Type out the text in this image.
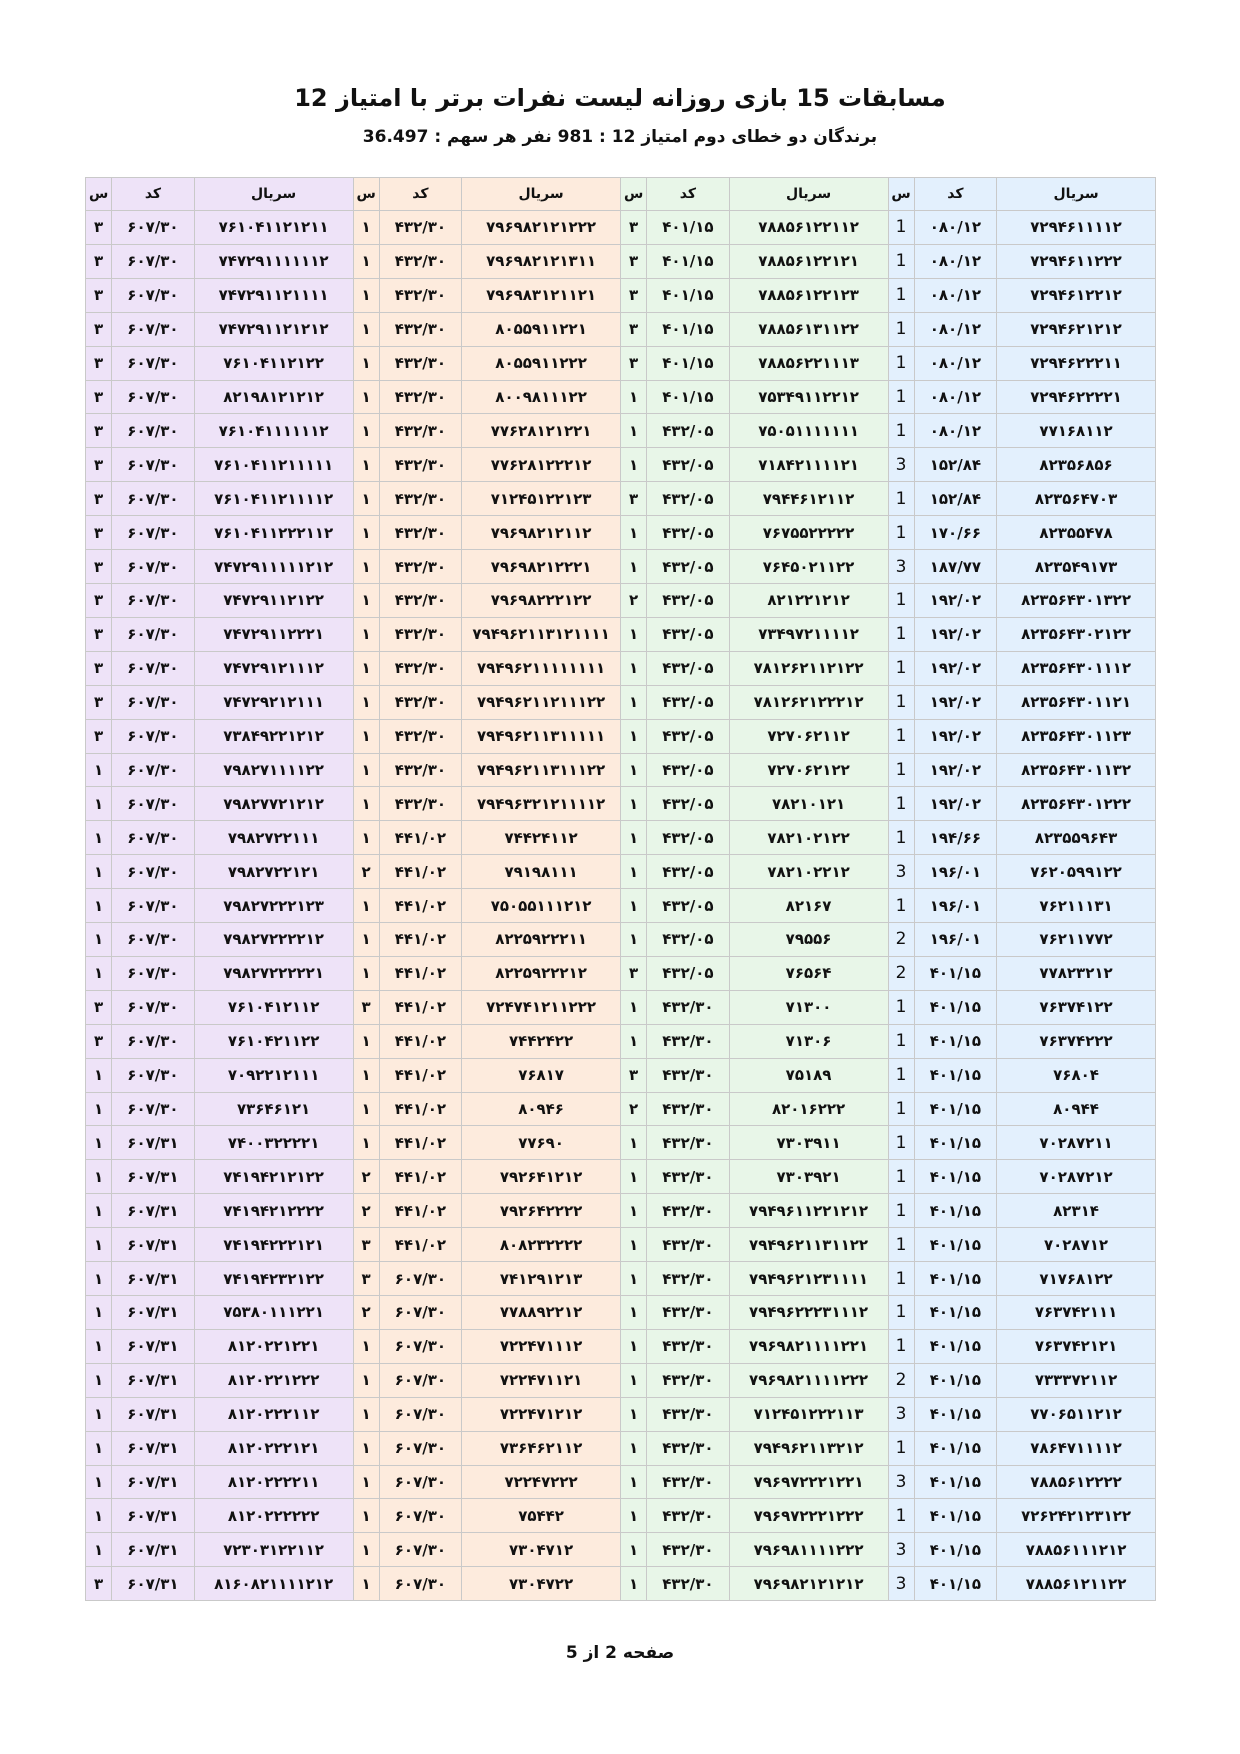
مسابقات 15 بازی روزانه لیست نفرات برتر با امتیاز 12
برندگان دو خطای دوم امتیاز 12 : 981 نفر هر سهم : 36.497
سریال	کد	س	سریال	کد	س	سریال	کد	س	سریال	کد	س
۷۲۹۴۶۱۱۱۱۲	۰۸۰/۱۲	1	۷۸۸۵۶۱۲۲۱۱۲	۴۰۱/۱۵	۳	۷۹۶۹۸۲۱۲۱۲۲۲	۴۳۲/۳۰	۱	۷۶۱۰۴۱۱۲۱۲۱۱	۶۰۷/۳۰	۳
۷۲۹۴۶۱۱۲۲۲	۰۸۰/۱۲	1	۷۸۸۵۶۱۲۲۱۲۱	۴۰۱/۱۵	۳	۷۹۶۹۸۲۱۲۱۳۱۱	۴۳۲/۳۰	۱	۷۴۷۲۹۱۱۱۱۱۱۲	۶۰۷/۳۰	۳
۷۲۹۴۶۱۲۲۱۲	۰۸۰/۱۲	1	۷۸۸۵۶۱۲۲۱۲۳	۴۰۱/۱۵	۳	۷۹۶۹۸۳۱۲۱۱۲۱	۴۳۲/۳۰	۱	۷۴۷۲۹۱۱۲۱۱۱۱	۶۰۷/۳۰	۳
۷۲۹۴۶۲۱۲۱۲	۰۸۰/۱۲	1	۷۸۸۵۶۱۳۱۱۲۲	۴۰۱/۱۵	۳	۸۰۵۵۹۱۱۲۲۱	۴۳۲/۳۰	۱	۷۴۷۲۹۱۱۲۱۲۱۲	۶۰۷/۳۰	۳
۷۲۹۴۶۲۲۲۱۱	۰۸۰/۱۲	1	۷۸۸۵۶۲۲۱۱۱۳	۴۰۱/۱۵	۳	۸۰۵۵۹۱۱۲۲۲	۴۳۲/۳۰	۱	۷۶۱۰۴۱۱۲۱۲۲	۶۰۷/۳۰	۳
۷۲۹۴۶۲۲۲۲۱	۰۸۰/۱۲	1	۷۵۳۴۹۱۱۲۲۱۲	۴۰۱/۱۵	۱	۸۰۰۹۸۱۱۱۲۲	۴۳۲/۳۰	۱	۸۲۱۹۸۱۲۱۲۱۲	۶۰۷/۳۰	۳
۷۷۱۶۸۱۱۲	۰۸۰/۱۲	1	۷۵۰۵۱۱۱۱۱۱۱	۴۳۲/۰۵	۱	۷۷۶۲۸۱۲۱۲۲۱	۴۳۲/۳۰	۱	۷۶۱۰۴۱۱۱۱۱۱۲	۶۰۷/۳۰	۳
۸۲۳۵۶۸۵۶	۱۵۲/۸۴	3	۷۱۸۴۲۱۱۱۱۲۱	۴۳۲/۰۵	۱	۷۷۶۲۸۱۲۲۲۱۲	۴۳۲/۳۰	۱	۷۶۱۰۴۱۱۲۱۱۱۱۱	۶۰۷/۳۰	۳
۸۲۳۵۶۴۷۰۳	۱۵۲/۸۴	1	۷۹۴۴۶۱۲۱۱۲	۴۳۲/۰۵	۳	۷۱۲۴۵۱۲۲۱۲۳	۴۳۲/۳۰	۱	۷۶۱۰۴۱۱۲۱۱۱۱۲	۶۰۷/۳۰	۳
۸۲۳۵۵۴۷۸	۱۷۰/۶۶	1	۷۶۷۵۵۲۲۲۲۲	۴۳۲/۰۵	۱	۷۹۶۹۸۲۱۲۱۱۲	۴۳۲/۳۰	۱	۷۶۱۰۴۱۱۲۲۲۱۱۲	۶۰۷/۳۰	۳
۸۲۳۵۴۹۱۷۳	۱۸۷/۷۷	3	۷۶۴۵۰۲۱۱۲۲	۴۳۲/۰۵	۱	۷۹۶۹۸۲۱۲۲۲۱	۴۳۲/۳۰	۱	۷۴۷۲۹۱۱۱۱۱۲۱۲	۶۰۷/۳۰	۳
۸۲۳۵۶۴۳۰۱۳۲۲	۱۹۲/۰۲	1	۸۲۱۲۲۱۲۱۲	۴۳۲/۰۵	۲	۷۹۶۹۸۲۲۲۱۲۲	۴۳۲/۳۰	۱	۷۴۷۲۹۱۱۲۱۲۲	۶۰۷/۳۰	۳
۸۲۳۵۶۴۳۰۲۱۲۲	۱۹۲/۰۲	1	۷۳۴۹۷۲۱۱۱۱۲	۴۳۲/۰۵	۱	۷۹۴۹۶۲۱۱۳۱۲۱۱۱۱	۴۳۲/۳۰	۱	۷۴۷۲۹۱۱۲۲۲۱	۶۰۷/۳۰	۳
۸۲۳۵۶۴۳۰۱۱۱۲	۱۹۲/۰۲	1	۷۸۱۲۶۲۱۱۲۱۲۲	۴۳۲/۰۵	۱	۷۹۴۹۶۲۱۱۱۱۱۱۱۱	۴۳۲/۳۰	۱	۷۴۷۲۹۱۲۱۱۱۲	۶۰۷/۳۰	۳
۸۲۳۵۶۴۳۰۱۱۲۱	۱۹۲/۰۲	1	۷۸۱۲۶۲۱۲۲۲۱۲	۴۳۲/۰۵	۱	۷۹۴۹۶۲۱۱۲۱۱۱۲۲	۴۳۲/۳۰	۱	۷۴۷۲۹۲۱۲۱۱۱	۶۰۷/۳۰	۳
۸۲۳۵۶۴۳۰۱۱۲۳	۱۹۲/۰۲	1	۷۲۷۰۶۲۱۱۲	۴۳۲/۰۵	۱	۷۹۴۹۶۲۱۱۳۱۱۱۱۱	۴۳۲/۳۰	۱	۷۳۸۴۹۲۲۱۲۱۲	۶۰۷/۳۰	۳
۸۲۳۵۶۴۳۰۱۱۳۲	۱۹۲/۰۲	1	۷۲۷۰۶۲۱۲۲	۴۳۲/۰۵	۱	۷۹۴۹۶۲۱۱۳۱۱۱۲۲	۴۳۲/۳۰	۱	۷۹۸۲۷۱۱۱۱۲۲	۶۰۷/۳۰	۱
۸۲۳۵۶۴۳۰۱۲۲۲	۱۹۲/۰۲	1	۷۸۲۱۰۱۲۱	۴۳۲/۰۵	۱	۷۹۴۹۶۳۲۱۲۱۱۱۱۲	۴۳۲/۳۰	۱	۷۹۸۲۷۷۲۱۲۱۲	۶۰۷/۳۰	۱
۸۲۳۵۵۹۶۴۳	۱۹۴/۶۶	1	۷۸۲۱۰۲۱۲۲	۴۳۲/۰۵	۱	۷۴۴۲۴۱۱۲	۴۴۱/۰۲	۱	۷۹۸۲۷۲۲۱۱۱	۶۰۷/۳۰	۱
۷۶۲۰۵۹۹۱۲۲	۱۹۶/۰۱	3	۷۸۲۱۰۲۲۱۲	۴۳۲/۰۵	۱	۷۹۱۹۸۱۱۱	۴۴۱/۰۲	۲	۷۹۸۲۷۲۲۱۲۱	۶۰۷/۳۰	۱
۷۶۲۱۱۱۳۱	۱۹۶/۰۱	1	۸۲۱۶۷	۴۳۲/۰۵	۱	۷۵۰۵۵۱۱۱۲۱۲	۴۴۱/۰۲	۱	۷۹۸۲۷۲۲۲۱۲۳	۶۰۷/۳۰	۱
۷۶۲۱۱۷۷۲	۱۹۶/۰۱	2	۷۹۵۵۶	۴۳۲/۰۵	۱	۸۲۲۵۹۲۲۲۱۱	۴۴۱/۰۲	۱	۷۹۸۲۷۲۲۲۲۱۲	۶۰۷/۳۰	۱
۷۷۸۲۳۲۱۲	۴۰۱/۱۵	2	۷۶۵۶۴	۴۳۲/۰۵	۳	۸۲۲۵۹۲۲۲۱۲	۴۴۱/۰۲	۱	۷۹۸۲۷۲۲۲۲۲۱	۶۰۷/۳۰	۱
۷۶۳۷۴۱۲۲	۴۰۱/۱۵	1	۷۱۳۰۰	۴۳۲/۳۰	۱	۷۲۴۷۴۱۲۱۱۲۲۲	۴۴۱/۰۲	۳	۷۶۱۰۴۱۲۱۱۲	۶۰۷/۳۰	۳
۷۶۳۷۴۲۲۲	۴۰۱/۱۵	1	۷۱۳۰۶	۴۳۲/۳۰	۱	۷۴۴۲۴۲۲	۴۴۱/۰۲	۱	۷۶۱۰۴۲۱۱۲۲	۶۰۷/۳۰	۳
۷۶۸۰۴	۴۰۱/۱۵	1	۷۵۱۸۹	۴۳۲/۳۰	۳	۷۶۸۱۷	۴۴۱/۰۲	۱	۷۰۹۲۲۱۲۱۱۱	۶۰۷/۳۰	۱
۸۰۹۴۴	۴۰۱/۱۵	1	۸۲۰۱۶۲۲۲	۴۳۲/۳۰	۲	۸۰۹۴۶	۴۴۱/۰۲	۱	۷۳۶۴۶۱۲۱	۶۰۷/۳۰	۱
۷۰۲۸۷۲۱۱	۴۰۱/۱۵	1	۷۳۰۳۹۱۱	۴۳۲/۳۰	۱	۷۷۶۹۰	۴۴۱/۰۲	۱	۷۴۰۰۳۲۲۲۲۱	۶۰۷/۳۱	۱
۷۰۲۸۷۲۱۲	۴۰۱/۱۵	1	۷۳۰۳۹۲۱	۴۳۲/۳۰	۱	۷۹۲۶۴۱۲۱۲	۴۴۱/۰۲	۲	۷۴۱۹۴۲۱۲۱۲۲	۶۰۷/۳۱	۱
۸۲۳۱۴	۴۰۱/۱۵	1	۷۹۴۹۶۱۱۲۲۱۲۱۲	۴۳۲/۳۰	۱	۷۹۲۶۴۲۲۲۲	۴۴۱/۰۲	۲	۷۴۱۹۴۲۱۲۲۲۲	۶۰۷/۳۱	۱
۷۰۲۸۷۱۲	۴۰۱/۱۵	1	۷۹۴۹۶۲۱۱۳۱۱۲۲	۴۳۲/۳۰	۱	۸۰۸۲۳۲۲۲۲	۴۴۱/۰۲	۳	۷۴۱۹۴۲۲۲۱۲۱	۶۰۷/۳۱	۱
۷۱۷۶۸۱۲۲	۴۰۱/۱۵	1	۷۹۴۹۶۲۱۲۳۱۱۱۱	۴۳۲/۳۰	۱	۷۴۱۲۹۱۲۱۳	۶۰۷/۳۰	۳	۷۴۱۹۴۲۳۲۱۲۲	۶۰۷/۳۱	۱
۷۶۳۷۴۲۱۱۱	۴۰۱/۱۵	1	۷۹۴۹۶۲۲۲۳۱۱۱۲	۴۳۲/۳۰	۱	۷۷۸۸۹۲۲۱۲	۶۰۷/۳۰	۲	۷۵۳۸۰۱۱۱۲۲۱	۶۰۷/۳۱	۱
۷۶۳۷۴۲۱۲۱	۴۰۱/۱۵	1	۷۹۶۹۸۲۱۱۱۱۲۲۱	۴۳۲/۳۰	۱	۷۲۲۴۷۱۱۱۲	۶۰۷/۳۰	۱	۸۱۲۰۲۲۱۲۲۱	۶۰۷/۳۱	۱
۷۳۳۳۷۲۱۱۲	۴۰۱/۱۵	2	۷۹۶۹۸۲۱۱۱۱۲۲۲	۴۳۲/۳۰	۱	۷۲۲۴۷۱۱۲۱	۶۰۷/۳۰	۱	۸۱۲۰۲۲۱۲۲۲	۶۰۷/۳۱	۱
۷۷۰۶۵۱۱۲۱۲	۴۰۱/۱۵	3	۷۱۲۴۵۱۲۲۲۱۱۳	۴۳۲/۳۰	۱	۷۲۲۴۷۱۲۱۲	۶۰۷/۳۰	۱	۸۱۲۰۲۲۲۱۱۲	۶۰۷/۳۱	۱
۷۸۶۴۷۱۱۱۱۲	۴۰۱/۱۵	1	۷۹۴۹۶۲۱۱۳۲۱۲	۴۳۲/۳۰	۱	۷۳۶۴۶۲۱۱۲	۶۰۷/۳۰	۱	۸۱۲۰۲۲۲۱۲۱	۶۰۷/۳۱	۱
۷۸۸۵۶۱۲۲۲۲	۴۰۱/۱۵	3	۷۹۶۹۷۲۲۲۱۲۲۱	۴۳۲/۳۰	۱	۷۲۲۴۷۲۲۲	۶۰۷/۳۰	۱	۸۱۲۰۲۲۲۲۱۱	۶۰۷/۳۱	۱
۷۲۶۲۴۲۱۲۳۱۲۲	۴۰۱/۱۵	1	۷۹۶۹۷۲۲۲۱۲۲۲	۴۳۲/۳۰	۱	۷۵۴۴۲	۶۰۷/۳۰	۱	۸۱۲۰۲۲۲۲۲۲	۶۰۷/۳۱	۱
۷۸۸۵۶۱۱۱۲۱۲	۴۰۱/۱۵	3	۷۹۶۹۸۱۱۱۱۲۲۲	۴۳۲/۳۰	۱	۷۳۰۴۷۱۲	۶۰۷/۳۰	۱	۷۲۳۰۳۱۲۲۱۱۲	۶۰۷/۳۱	۱
۷۸۸۵۶۱۲۱۱۲۲	۴۰۱/۱۵	3	۷۹۶۹۸۲۱۲۱۲۱۲	۴۳۲/۳۰	۱	۷۳۰۴۷۲۲	۶۰۷/۳۰	۱	۸۱۶۰۸۲۱۱۱۱۲۱۲	۶۰۷/۳۱	۳
صفحه 2 از 5
